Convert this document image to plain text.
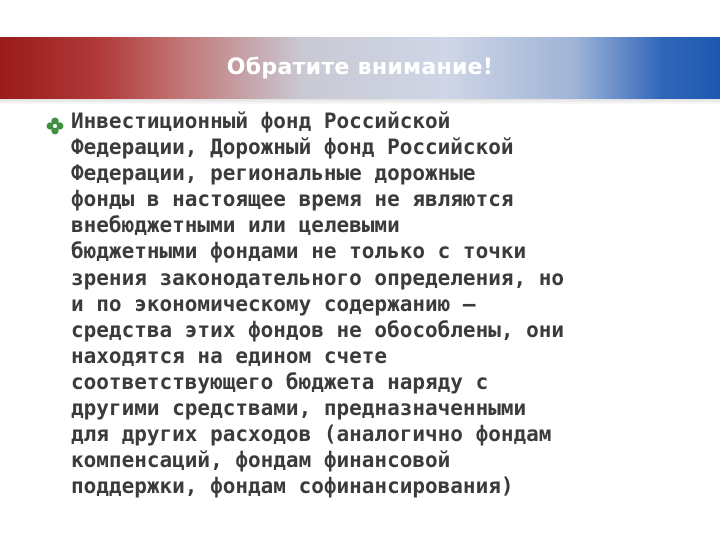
Обратите внимание!
Инвестиционный фонд Российской
Федерации, Дорожный фонд Российской
Федерации, региональные дорожные
фонды в настоящее время не являются
внебюджетными или целевыми
бюджетными фондами не только с точки
зрения законодательного определения, но
и по экономическому содержанию –
средства этих фондов не обособлены, они
находятся на едином счете
соответствующего бюджета наряду с
другими средствами, предназначенными
для других расходов (аналогично фондам
компенсаций, фондам финансовой
поддержки, фондам софинансирования)
